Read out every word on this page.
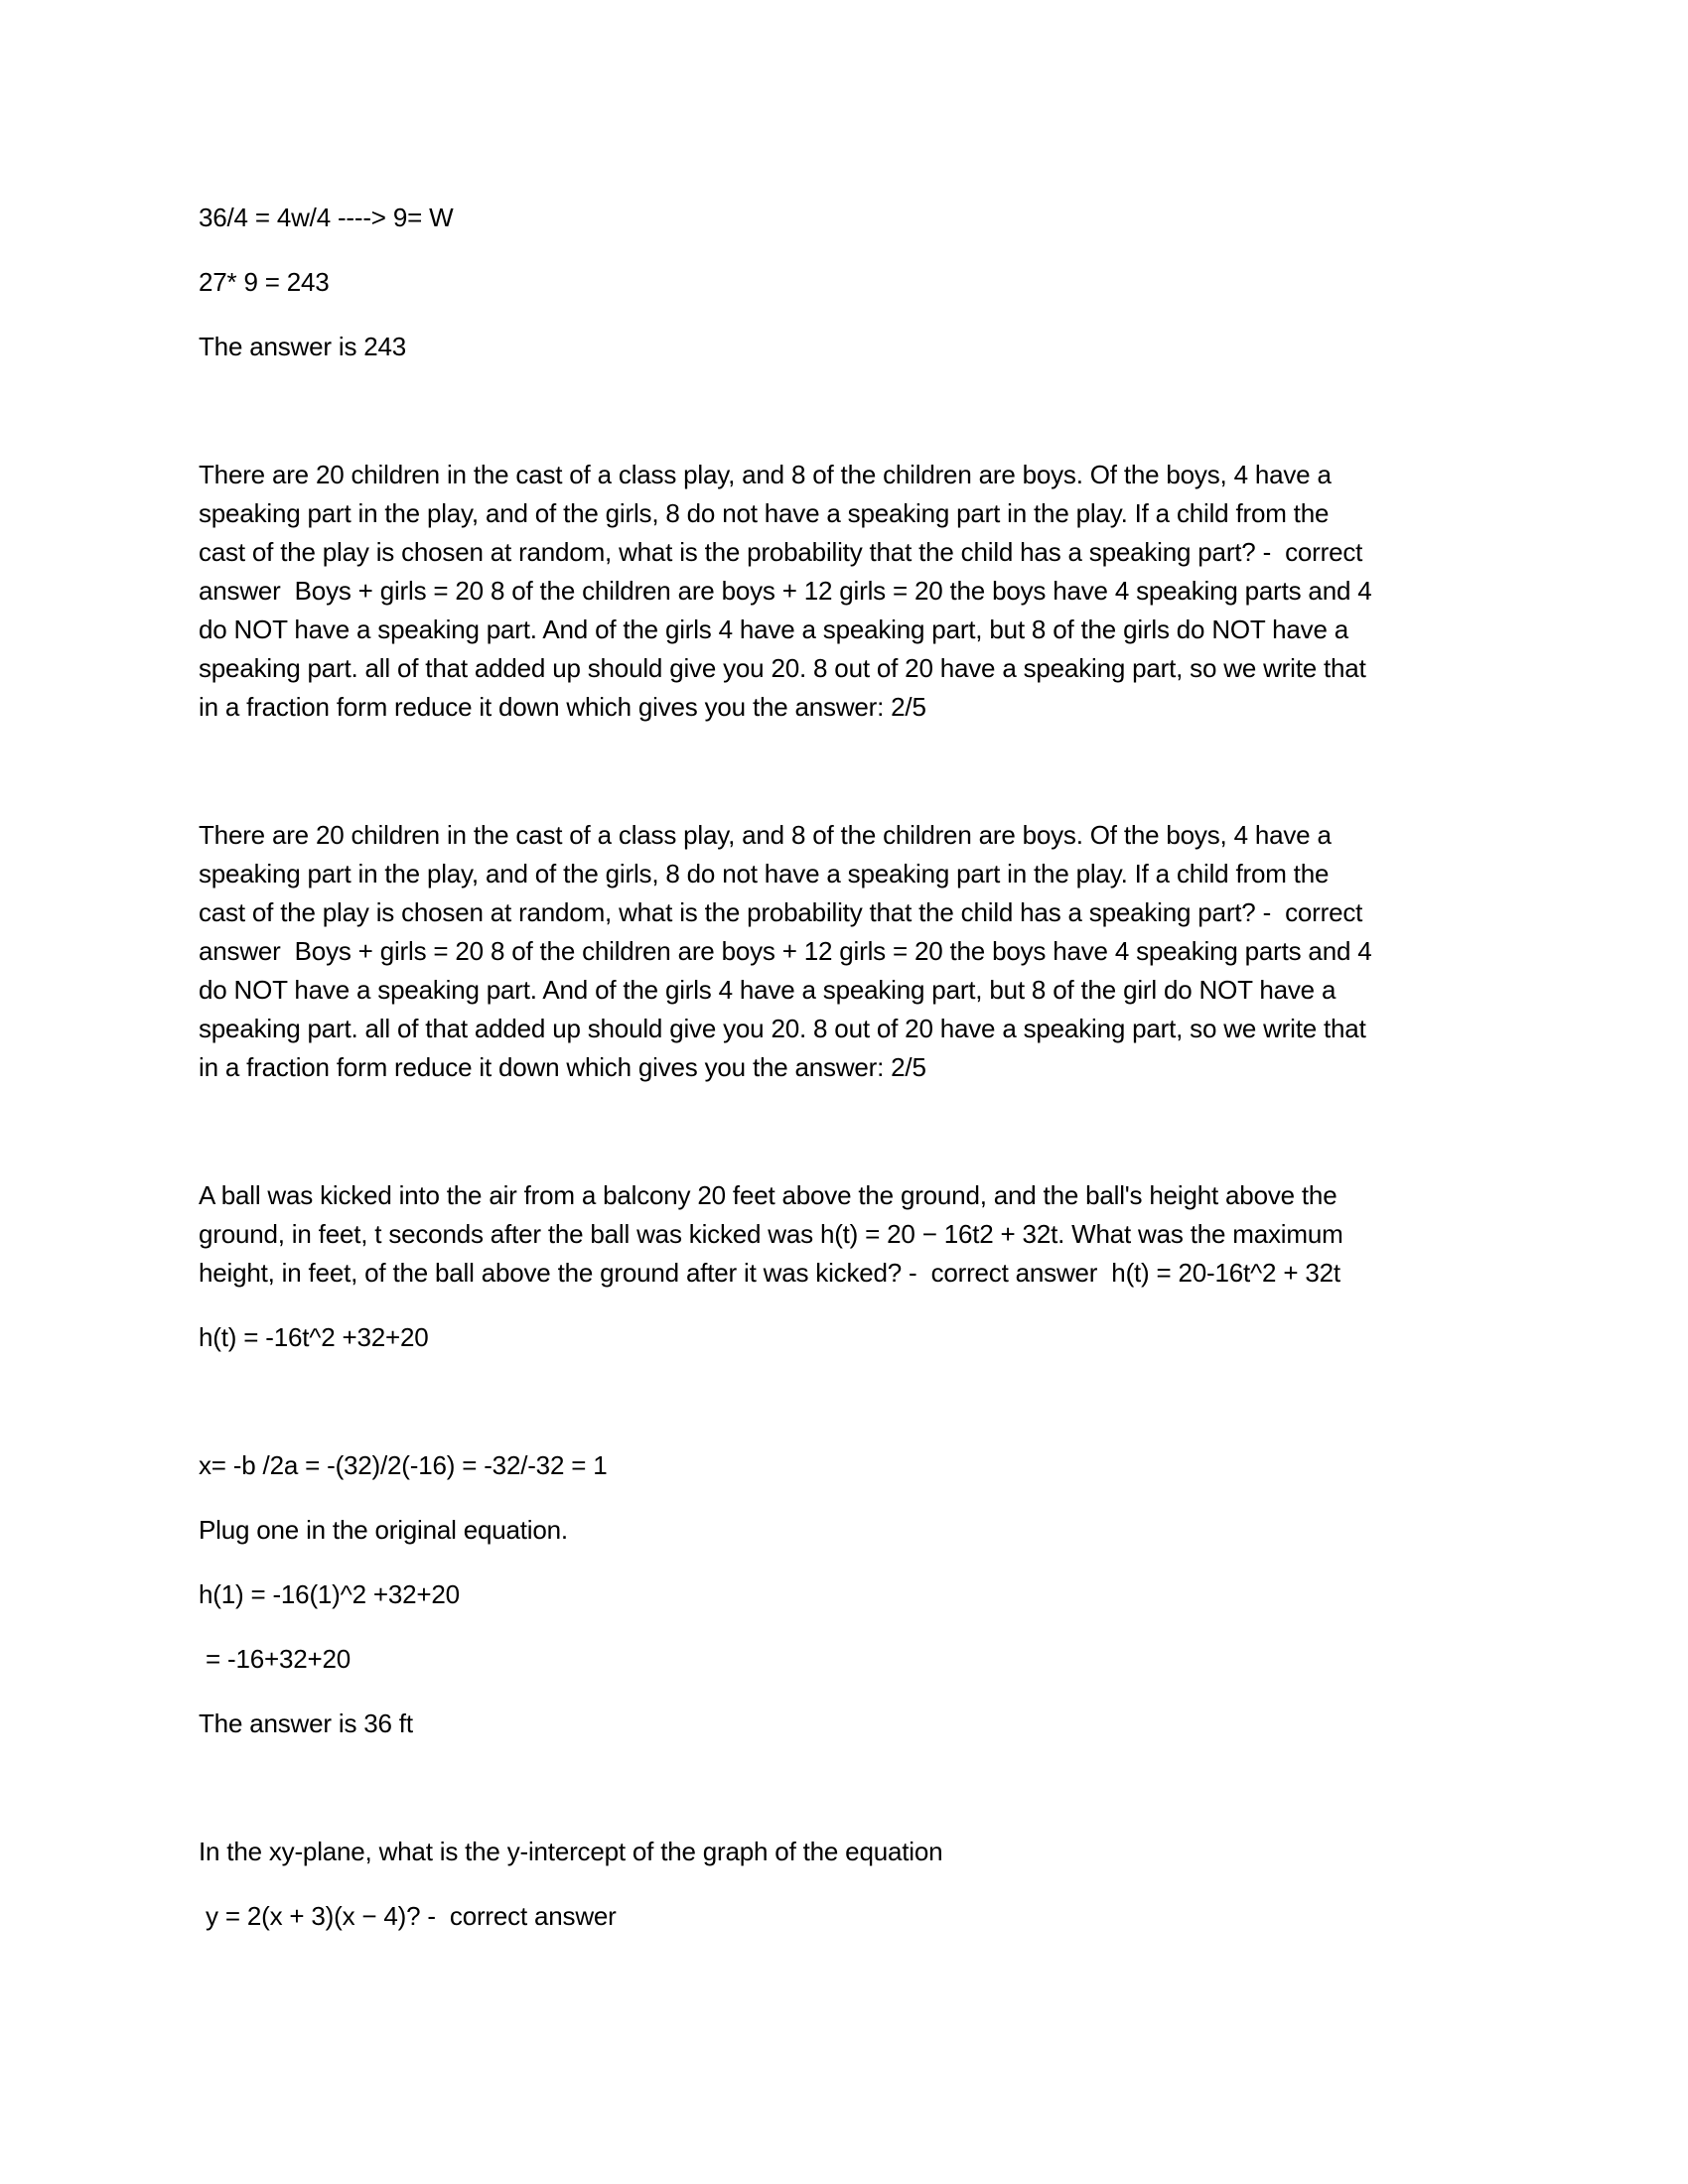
36/4 = 4w/4 ----> 9= W
27* 9 = 243
The answer is 243
There are 20 children in the cast of a class play, and 8 of the children are boys. Of the boys, 4 have a
speaking part in the play, and of the girls, 8 do not have a speaking part in the play. If a child from the
cast of the play is chosen at random, what is the probability that the child has a speaking part? -  correct
answer  Boys + girls = 20 8 of the children are boys + 12 girls = 20 the boys have 4 speaking parts and 4
do NOT have a speaking part. And of the girls 4 have a speaking part, but 8 of the girls do NOT have a
speaking part. all of that added up should give you 20. 8 out of 20 have a speaking part, so we write that
in a fraction form reduce it down which gives you the answer: 2/5
There are 20 children in the cast of a class play, and 8 of the children are boys. Of the boys, 4 have a
speaking part in the play, and of the girls, 8 do not have a speaking part in the play. If a child from the
cast of the play is chosen at random, what is the probability that the child has a speaking part? -  correct
answer  Boys + girls = 20 8 of the children are boys + 12 girls = 20 the boys have 4 speaking parts and 4
do NOT have a speaking part. And of the girls 4 have a speaking part, but 8 of the girl do NOT have a
speaking part. all of that added up should give you 20. 8 out of 20 have a speaking part, so we write that
in a fraction form reduce it down which gives you the answer: 2/5
A ball was kicked into the air from a balcony 20 feet above the ground, and the ball's height above the
ground, in feet, t seconds after the ball was kicked was h(t) = 20 − 16t2 + 32t. What was the maximum
height, in feet, of the ball above the ground after it was kicked? -  correct answer  h(t) = 20-16t^2 + 32t
h(t) = -16t^2 +32+20
x= -b /2a = -(32)/2(-16) = -32/-32 = 1
Plug one in the original equation.
h(1) = -16(1)^2 +32+20
= -16+32+20
The answer is 36 ft
In the xy-plane, what is the y-intercept of the graph of the equation
y = 2(x + 3)(x − 4)? -  correct answer
